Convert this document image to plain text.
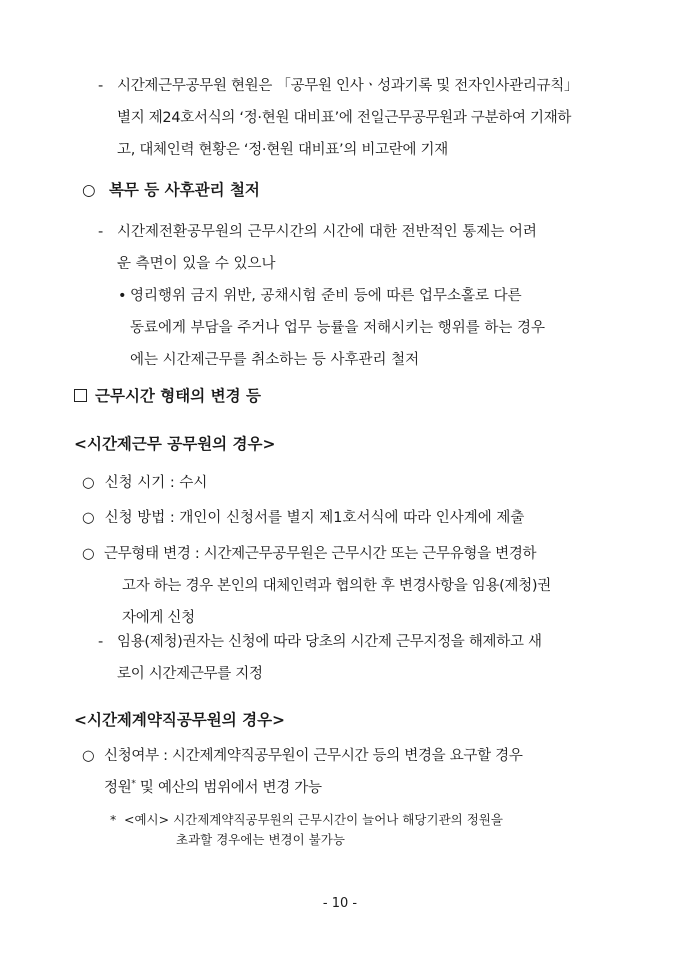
- 시간제근무공무원 현원은 「공무원 인사ㆍ성과기록 및 전자인사관리규칙」
별지 제24호서식의 ‘정·현원 대비표’에 전일근무공무원과 구분하여 기재하
고, 대체인력 현황은 ‘정·현원 대비표’의 비고란에 기재
○ 복무 등 사후관리 철저
- 시간제전환공무원의 근무시간의 시간에 대한 전반적인 통제는 어려
운 측면이 있을 수 있으나
• 영리행위 금지 위반, 공채시험 준비 등에 따른 업무소홀로 다른
동료에게 부담을 주거나 업무 능률을 저해시키는 행위를 하는 경우
에는 시간제근무를 취소하는 등 사후관리 철저
근무시간 형태의 변경 등
<시간제근무 공무원의 경우>
○ 신청 시기 : 수시
○ 신청 방법 : 개인이 신청서를 별지 제1호서식에 따라 인사계에 제출
○ 근무형태 변경 : 시간제근무공무원은 근무시간 또는 근무유형을 변경하
고자 하는 경우 본인의 대체인력과 협의한 후 변경사항을 임용(제청)권
자에게 신청
- 임용(제청)권자는 신청에 따라 당초의 시간제 근무지정을 해제하고 새
로이 시간제근무를 지정
<시간제계약직공무원의 경우>
○ 신청여부 : 시간제계약직공무원이 근무시간 등의 변경을 요구할 경우
정원* 및 예산의 범위에서 변경 가능
* <예시> 시간제계약직공무원의 근무시간이 늘어나 해당기관의 정원을
초과할 경우에는 변경이 불가능
- 10 -
